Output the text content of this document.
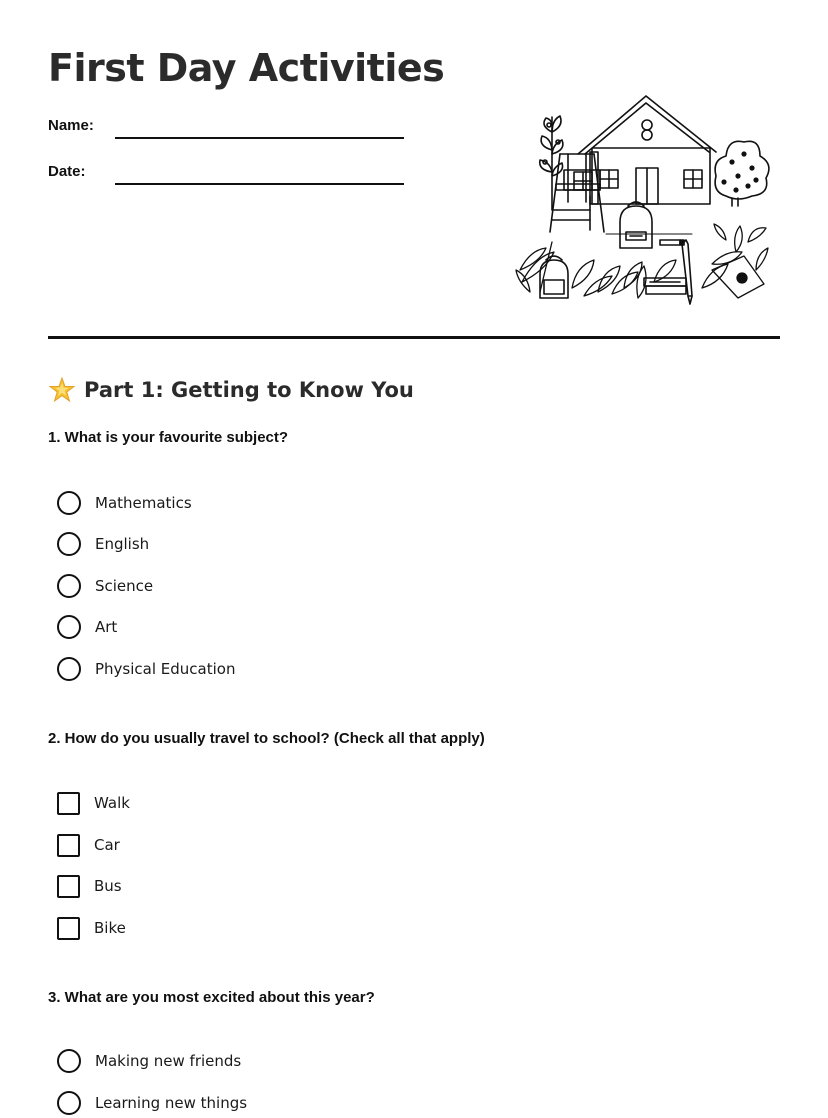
First Day Activities
Name:
Date:
Part 1: Getting to Know You
1. What is your favourite subject?
Mathematics
English
Science
Art
Physical Education
2. How do you usually travel to school? (Check all that apply)
Walk
Car
Bus
Bike
3. What are you most excited about this year?
Making new friends
Learning new things
